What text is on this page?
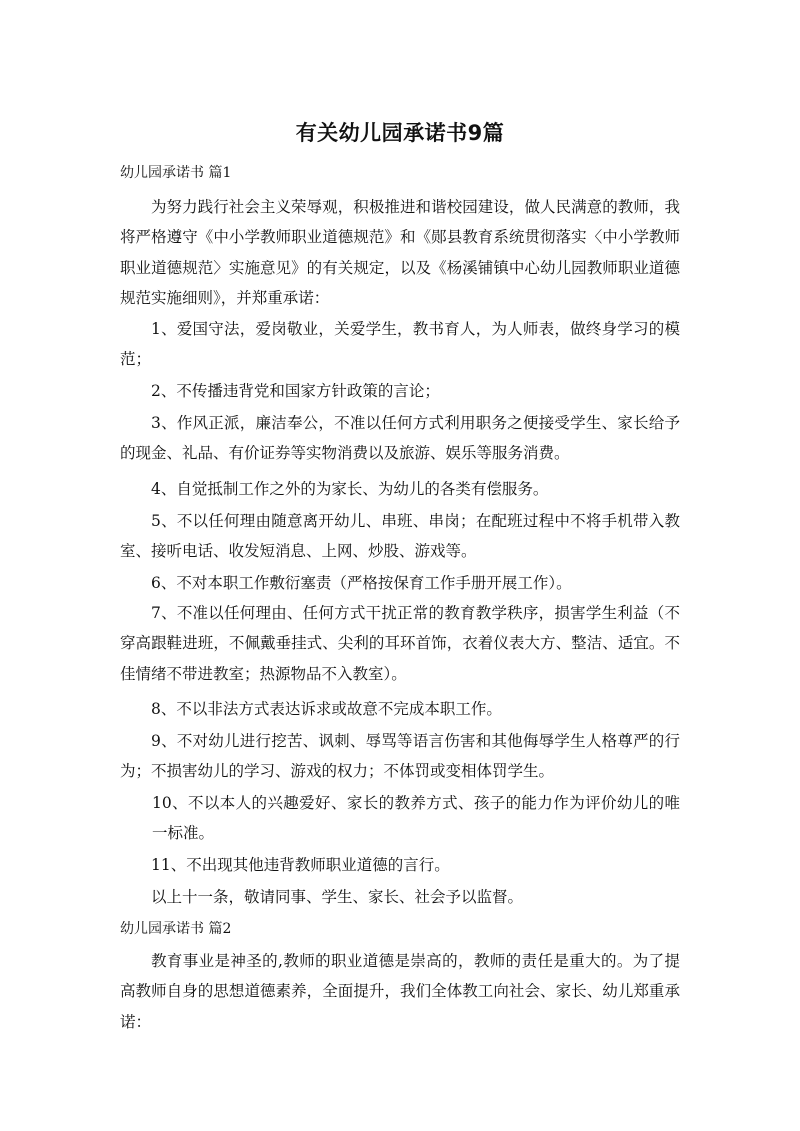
有关幼儿园承诺书9篇
幼儿园承诺书 篇1
为努力践行社会主义荣辱观，积极推进和谐校园建设，做人民满意的教师，我将严格遵守《中小学教师职业道德规范》和《郧县教育系统贯彻落实〈中小学教师职业道德规范〉实施意见》的有关规定，以及《杨溪铺镇中心幼儿园教师职业道德规范实施细则》，并郑重承诺：
1、爱国守法，爱岗敬业，关爱学生，教书育人，为人师表，做终身学习的模范；
2、不传播违背党和国家方针政策的言论；
3、作风正派，廉洁奉公，不准以任何方式利用职务之便接受学生、家长给予的现金、礼品、有价证券等实物消费以及旅游、娱乐等服务消费。
4、自觉抵制工作之外的为家长、为幼儿的各类有偿服务。
5、不以任何理由随意离开幼儿、串班、串岗；在配班过程中不将手机带入教室、接听电话、收发短消息、上网、炒股、游戏等。
6、不对本职工作敷衍塞责（严格按保育工作手册开展工作）。
7、不准以任何理由、任何方式干扰正常的教育教学秩序，损害学生利益（不穿高跟鞋进班，不佩戴垂挂式、尖利的耳环首饰，衣着仪表大方、整洁、适宜。不佳情绪不带进教室；热源物品不入教室）。
8、不以非法方式表达诉求或故意不完成本职工作。
9、不对幼儿进行挖苦、讽刺、辱骂等语言伤害和其他侮辱学生人格尊严的行为；不损害幼儿的学习、游戏的权力；不体罚或变相体罚学生。
10、不以本人的兴趣爱好、家长的教养方式、孩子的能力作为评价幼儿的唯一标准。
11、不出现其他违背教师职业道德的言行。
以上十一条，敬请同事、学生、家长、社会予以监督。
幼儿园承诺书 篇2
教育事业是神圣的,教师的职业道德是崇高的，教师的责任是重大的。为了提高教师自身的思想道德素养，全面提升，我们全体教工向社会、家长、幼儿郑重承诺：
